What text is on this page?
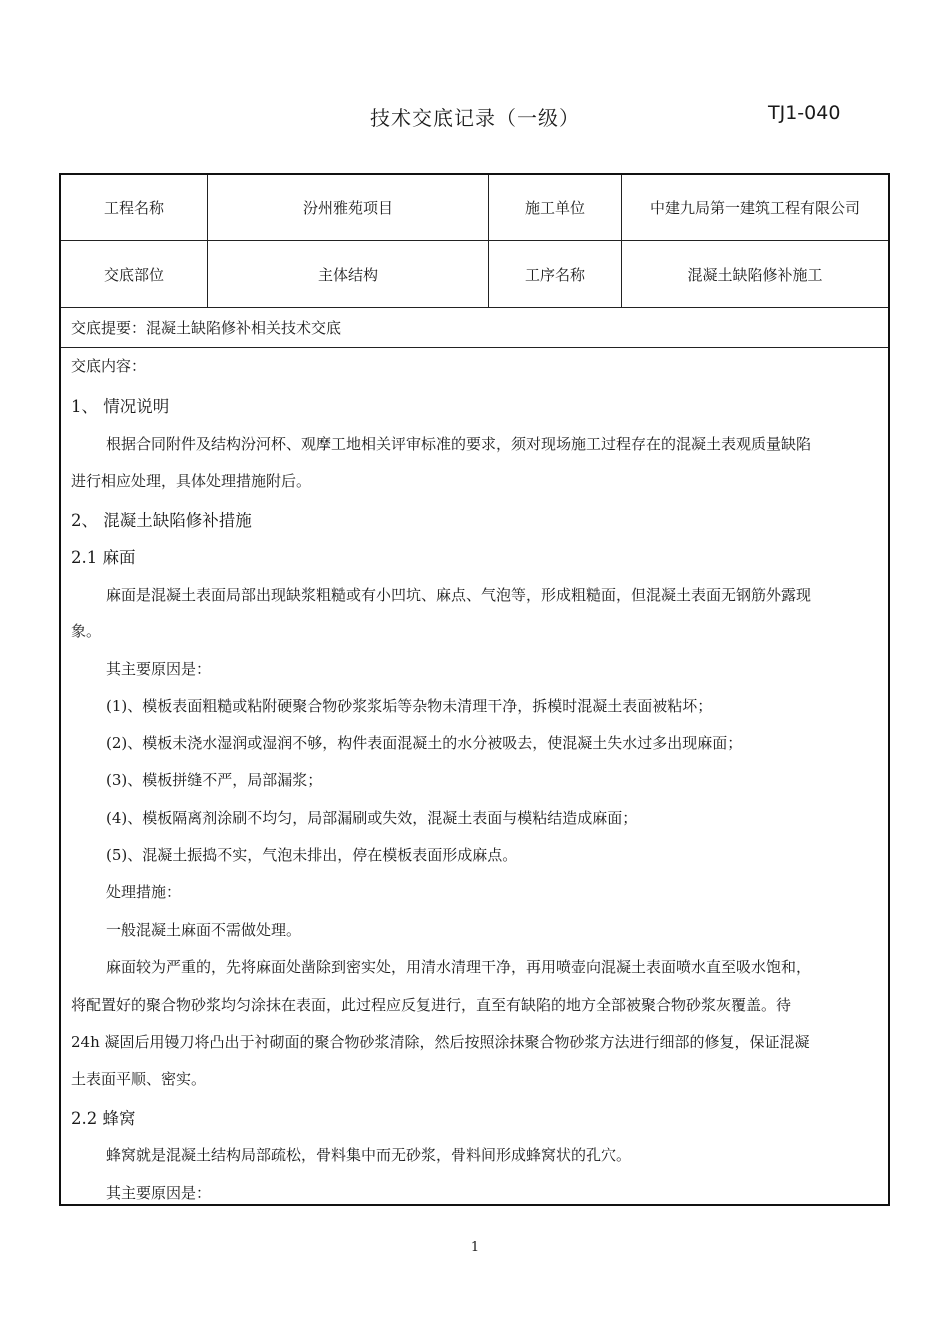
技术交底记录（一级）	TJ1-040
工程名称	汾州雅苑项目	施工单位	中建九局第一建筑工程有限公司
交底部位	主体结构	工序名称	混凝土缺陷修补施工
交底提要：混凝土缺陷修补相关技术交底
交底内容：
1、 情况说明
根据合同附件及结构汾河杯、观摩工地相关评审标准的要求，须对现场施工过程存在的混凝土表观质量缺陷
进行相应处理，具体处理措施附后。
2、 混凝土缺陷修补措施
2.1 麻面
麻面是混凝土表面局部出现缺浆粗糙或有小凹坑、麻点、气泡等，形成粗糙面，但混凝土表面无钢筋外露现
象。
其主要原因是：
(1)、模板表面粗糙或粘附硬聚合物砂浆浆垢等杂物未清理干净，拆模时混凝土表面被粘坏；
(2)、模板未浇水湿润或湿润不够，构件表面混凝土的水分被吸去，使混凝土失水过多出现麻面；
(3)、模板拼缝不严，局部漏浆；
(4)、模板隔离剂涂刷不均匀，局部漏刷或失效，混凝土表面与模粘结造成麻面；
(5)、混凝土振捣不实，气泡未排出，停在模板表面形成麻点。
处理措施：
一般混凝土麻面不需做处理。
麻面较为严重的，先将麻面处凿除到密实处，用清水清理干净，再用喷壶向混凝土表面喷水直至吸水饱和，
将配置好的聚合物砂浆均匀涂抹在表面，此过程应反复进行，直至有缺陷的地方全部被聚合物砂浆灰覆盖。待
24h 凝固后用镘刀将凸出于衬砌面的聚合物砂浆清除，然后按照涂抹聚合物砂浆方法进行细部的修复，保证混凝
土表面平顺、密实。
2.2 蜂窝
蜂窝就是混凝土结构局部疏松，骨料集中而无砂浆，骨料间形成蜂窝状的孔穴。
其主要原因是：
1
